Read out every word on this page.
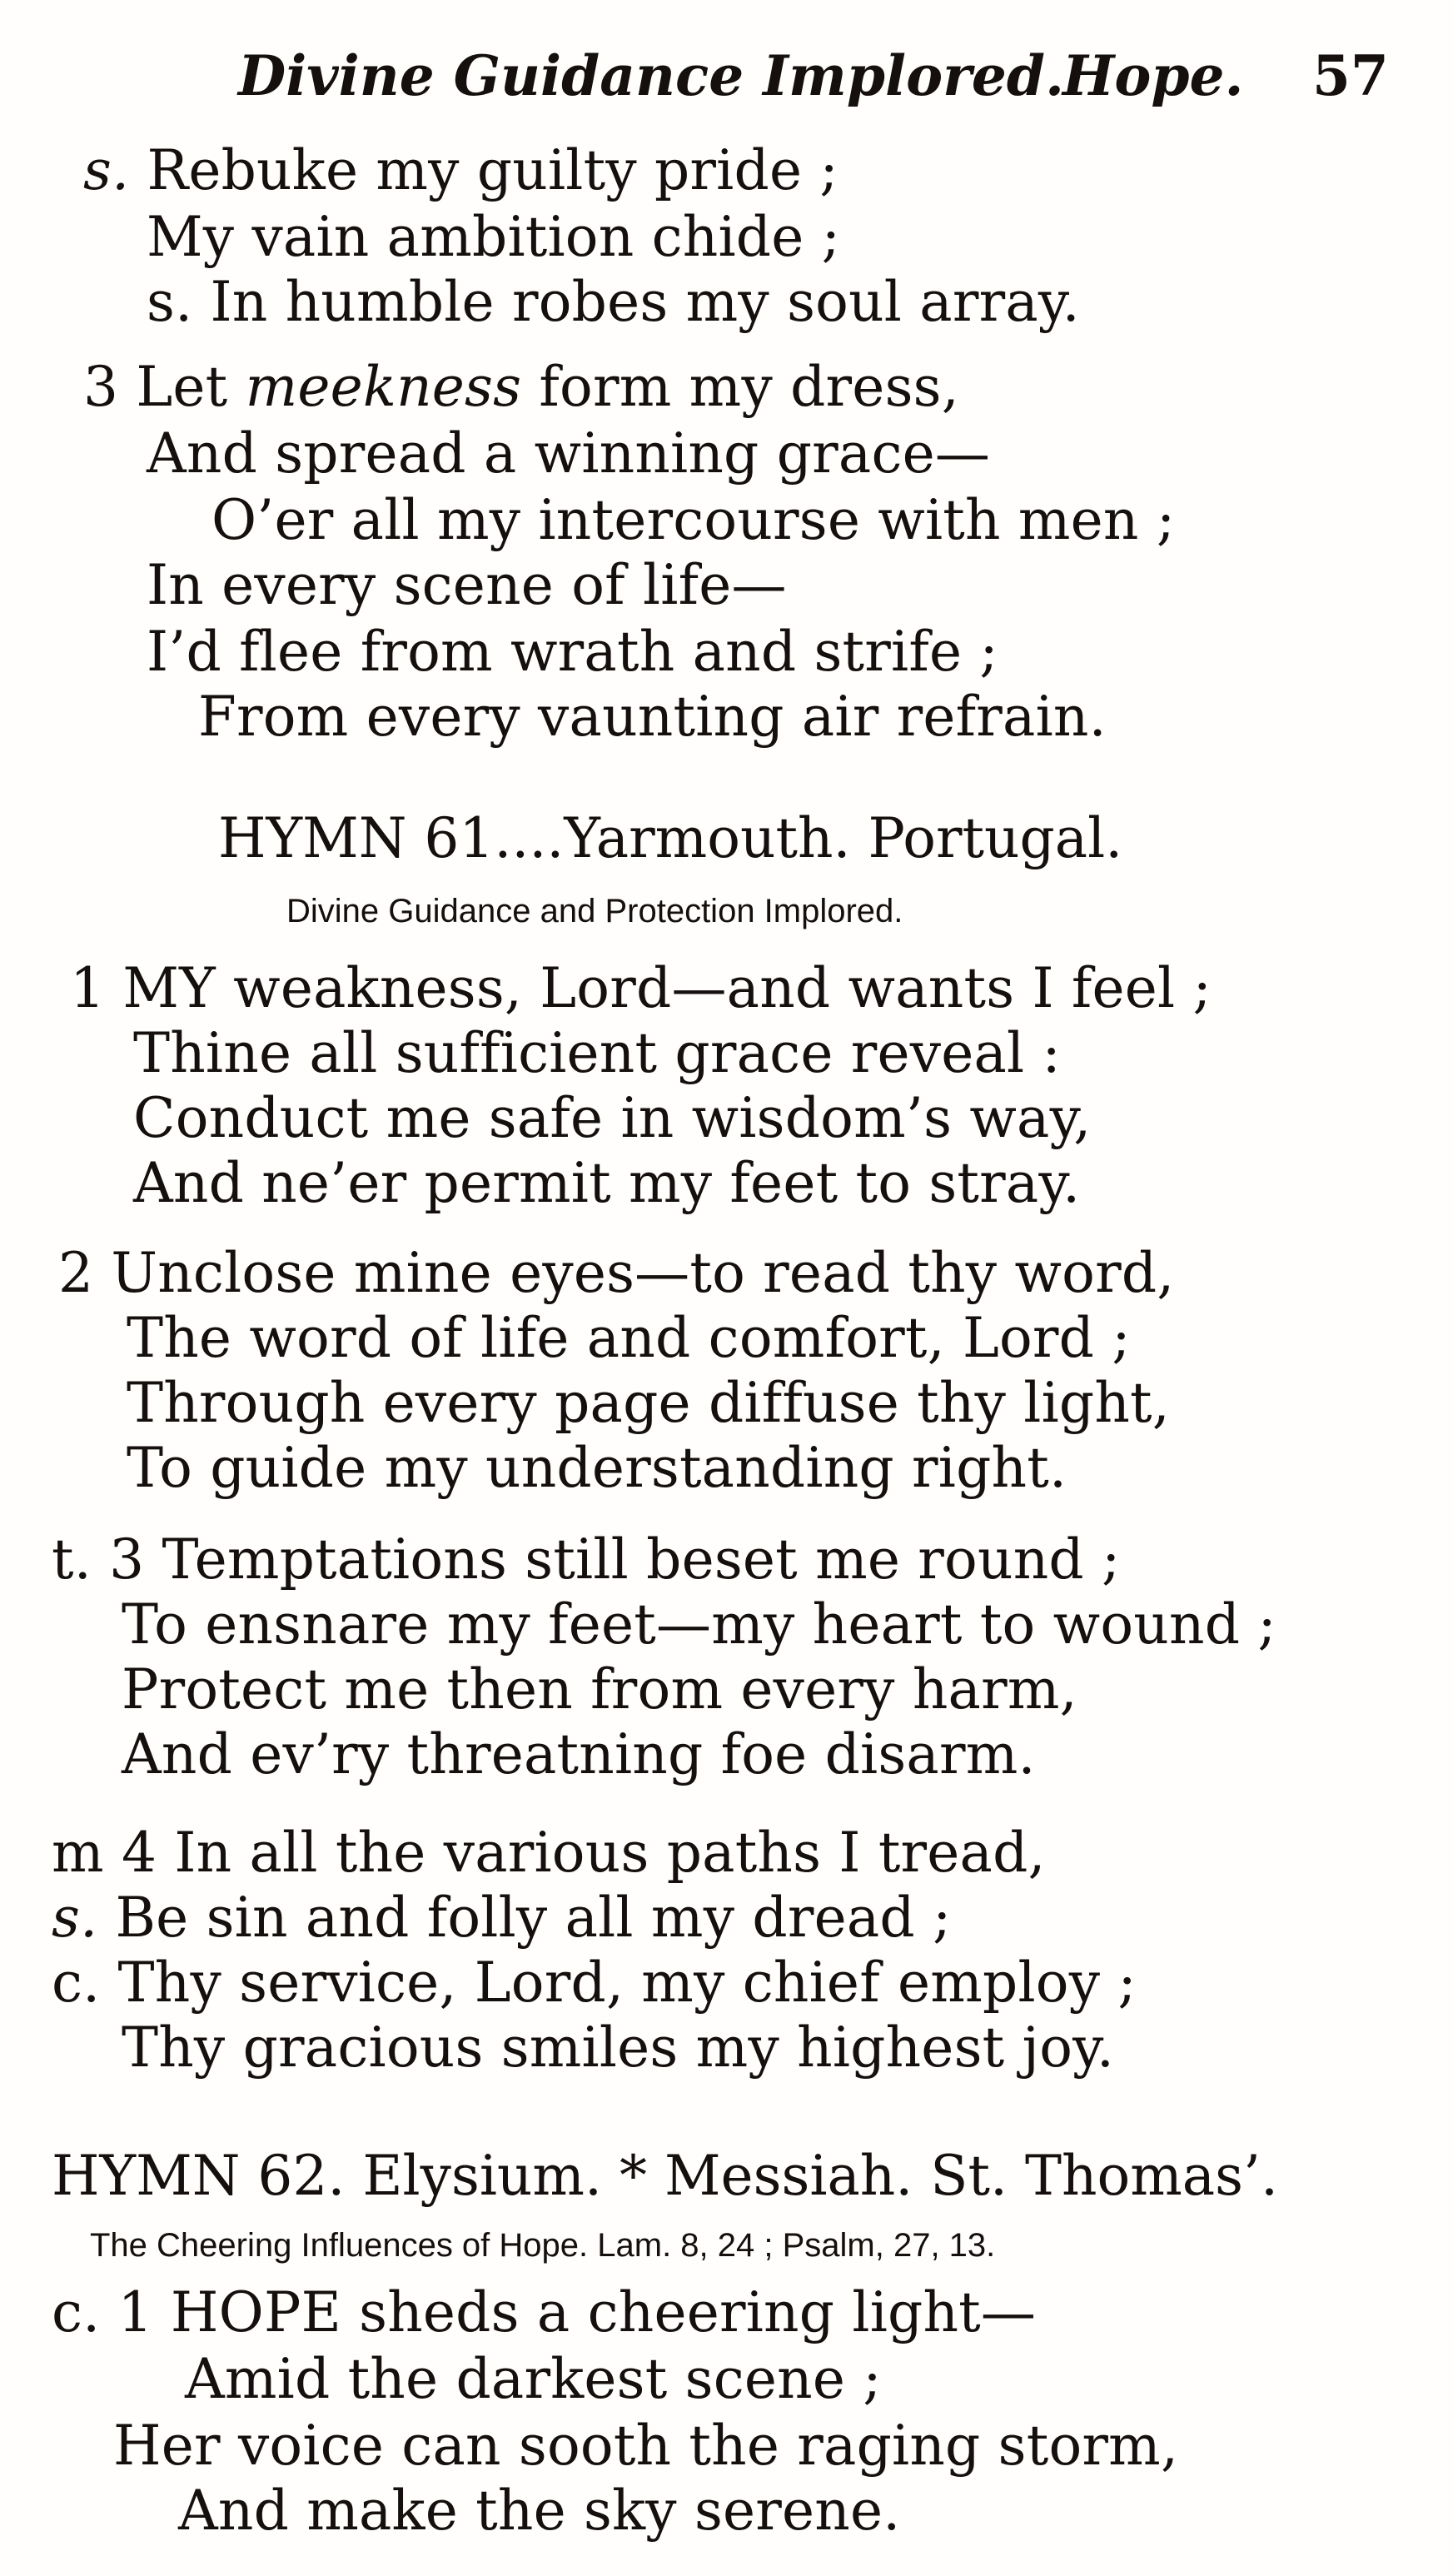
Divine Guidance Implored.
Hope. 57
s. Rebuke my guilty pride ;
My vain ambition chide ;
s. In humble robes my soul array.
3 Let meekness form my dress,
And spread a winning grace—
O’er all my intercourse with men ;
In every scene of life—
I’d flee from wrath and strife ;
From every vaunting air refrain.
HYMN 61....Yarmouth. Portugal.
Divine Guidance and Protection Implored.
1 MY weakness, Lord—and wants I feel ;
Thine all sufficient grace reveal :
Conduct me safe in wisdom’s way,
And ne’er permit my feet to stray.
2 Unclose mine eyes—to read thy word,
The word of life and comfort, Lord ;
Through every page diffuse thy light,
To guide my understanding right.
t. 3 Temptations still beset me round ;
To ensnare my feet—my heart to wound ;
Protect me then from every harm,
And ev’ry threatning foe disarm.
m 4 In all the various paths I tread,
s. Be sin and folly all my dread ;
c. Thy service, Lord, my chief employ ;
Thy gracious smiles my highest joy.
HYMN 62. Elysium. * Messiah. St. Thomas’.
The Cheering Influences of Hope. Lam. 8, 24 ; Psalm, 27, 13.
c. 1 HOPE sheds a cheering light—
Amid the darkest scene ;
Her voice can sooth the raging storm,
And make the sky serene.
